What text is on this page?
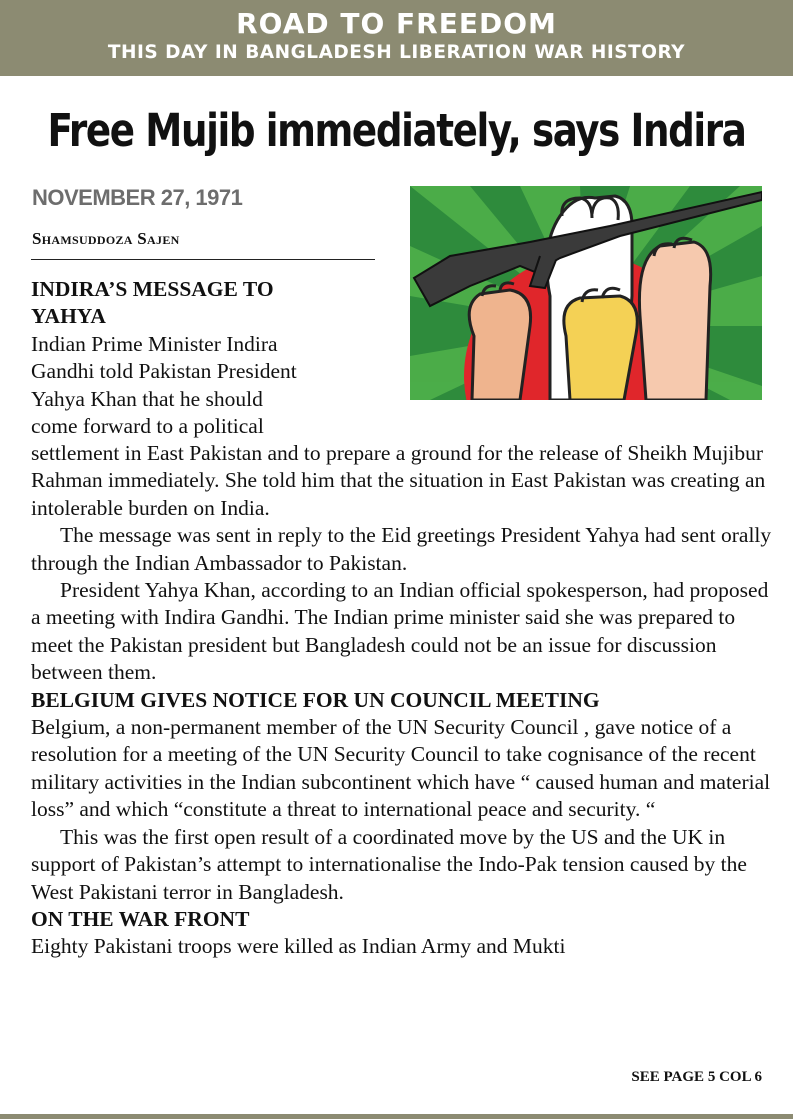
ROAD TO FREEDOM
THIS DAY IN BANGLADESH LIBERATION WAR HISTORY
Free Mujib immediately, says Indira
NOVEMBER 27, 1971
Shamsuddoza Sajen
INDIRA’S MESSAGE TO
YAHYA
Indian Prime Minister Indira
Gandhi told Pakistan President
Yahya Khan that he should
come forward to a political
settlement in East Pakistan and to prepare a ground for the release of Sheikh Mujibur Rahman immediately. She told him that the situation in East Pakistan was creating an intolerable burden on India.
The message was sent in reply to the Eid greetings President Yahya had sent orally through the Indian Ambassador to Pakistan.
President Yahya Khan, according to an Indian official spokesperson, had proposed a meeting with Indira Gandhi. The Indian prime minister said she was prepared to meet the Pakistan president but Bangladesh could not be an issue for discussion between them.
BELGIUM GIVES NOTICE FOR UN COUNCIL MEETING
Belgium, a non-permanent member of the UN Security Council , gave notice of a resolution for a meeting of the UN Security Council to take cognisance of the recent military activities in the Indian subcontinent which have “ caused human and material loss” and which “constitute a threat to international peace and security. “
This was the first open result of a coordinated move by the US and the UK in support of Pakistan’s attempt to internationalise the Indo-Pak tension caused by the West Pakistani terror in Bangladesh.
ON THE WAR FRONT
Eighty Pakistani troops were killed as Indian Army and Mukti
SEE PAGE 5 COL 6
